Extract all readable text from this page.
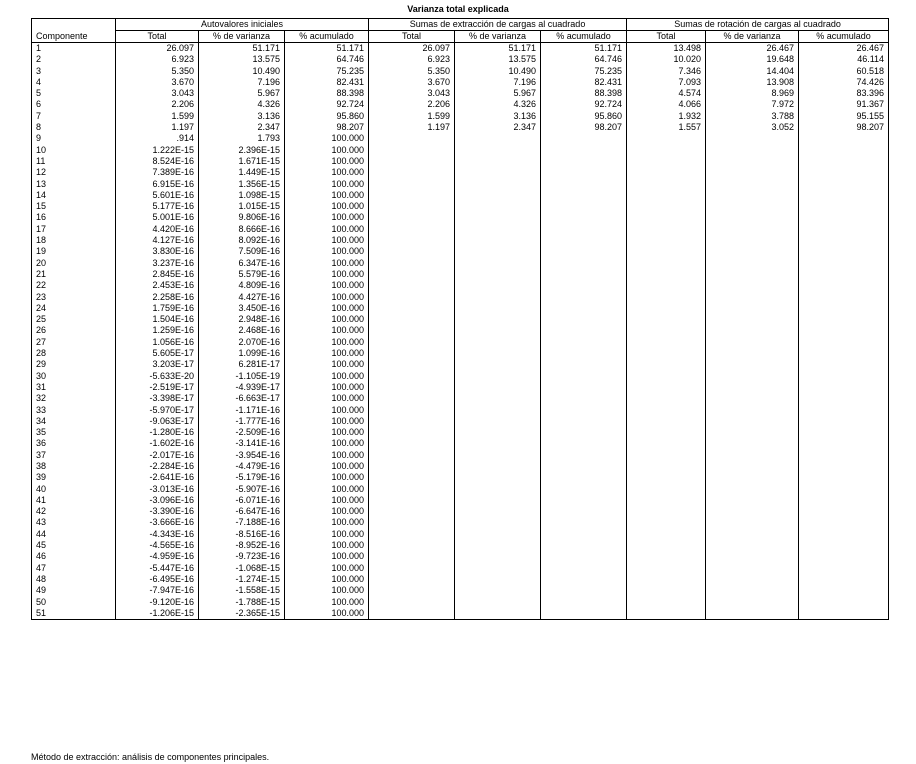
Varianza total explicada
Componente	Autovalores iniciales			Sumas de extracción de cargas al cuadrado			Sumas de rotación de cargas al cuadrado		
	Total	% de varianza	% acumulado	Total	% de varianza	% acumulado	Total	% de varianza	% acumulado
1	26.097	51.171	51.171	26.097	51.171	51.171	13.498	26.467	26.467
2	6.923	13.575	64.746	6.923	13.575	64.746	10.020	19.648	46.114
3	5.350	10.490	75.235	5.350	10.490	75.235	7.346	14.404	60.518
4	3.670	7.196	82.431	3.670	7.196	82.431	7.093	13.908	74.426
5	3.043	5.967	88.398	3.043	5.967	88.398	4.574	8.969	83.396
6	2.206	4.326	92.724	2.206	4.326	92.724	4.066	7.972	91.367
7	1.599	3.136	95.860	1.599	3.136	95.860	1.932	3.788	95.155
8	1.197	2.347	98.207	1.197	2.347	98.207	1.557	3.052	98.207
9	.914	1.793	100.000						
10	1.222E-15	2.396E-15	100.000						
11	8.524E-16	1.671E-15	100.000						
12	7.389E-16	1.449E-15	100.000						
13	6.915E-16	1.356E-15	100.000						
14	5.601E-16	1.098E-15	100.000						
15	5.177E-16	1.015E-15	100.000						
16	5.001E-16	9.806E-16	100.000						
17	4.420E-16	8.666E-16	100.000						
18	4.127E-16	8.092E-16	100.000						
19	3.830E-16	7.509E-16	100.000						
20	3.237E-16	6.347E-16	100.000						
21	2.845E-16	5.579E-16	100.000						
22	2.453E-16	4.809E-16	100.000						
23	2.258E-16	4.427E-16	100.000						
24	1.759E-16	3.450E-16	100.000						
25	1.504E-16	2.948E-16	100.000						
26	1.259E-16	2.468E-16	100.000						
27	1.056E-16	2.070E-16	100.000						
28	5.605E-17	1.099E-16	100.000						
29	3.203E-17	6.281E-17	100.000						
30	-5.633E-20	-1.105E-19	100.000						
31	-2.519E-17	-4.939E-17	100.000						
32	-3.398E-17	-6.663E-17	100.000						
33	-5.970E-17	-1.171E-16	100.000						
34	-9.063E-17	-1.777E-16	100.000						
35	-1.280E-16	-2.509E-16	100.000						
36	-1.602E-16	-3.141E-16	100.000						
37	-2.017E-16	-3.954E-16	100.000						
38	-2.284E-16	-4.479E-16	100.000						
39	-2.641E-16	-5.179E-16	100.000						
40	-3.013E-16	-5.907E-16	100.000						
41	-3.096E-16	-6.071E-16	100.000						
42	-3.390E-16	-6.647E-16	100.000						
43	-3.666E-16	-7.188E-16	100.000						
44	-4.343E-16	-8.516E-16	100.000						
45	-4.565E-16	-8.952E-16	100.000						
46	-4.959E-16	-9.723E-16	100.000						
47	-5.447E-16	-1.068E-15	100.000						
48	-6.495E-16	-1.274E-15	100.000						
49	-7.947E-16	-1.558E-15	100.000						
50	-9.120E-16	-1.788E-15	100.000						
51	-1.206E-15	-2.365E-15	100.000						
Método de extracción: análisis de componentes principales.
